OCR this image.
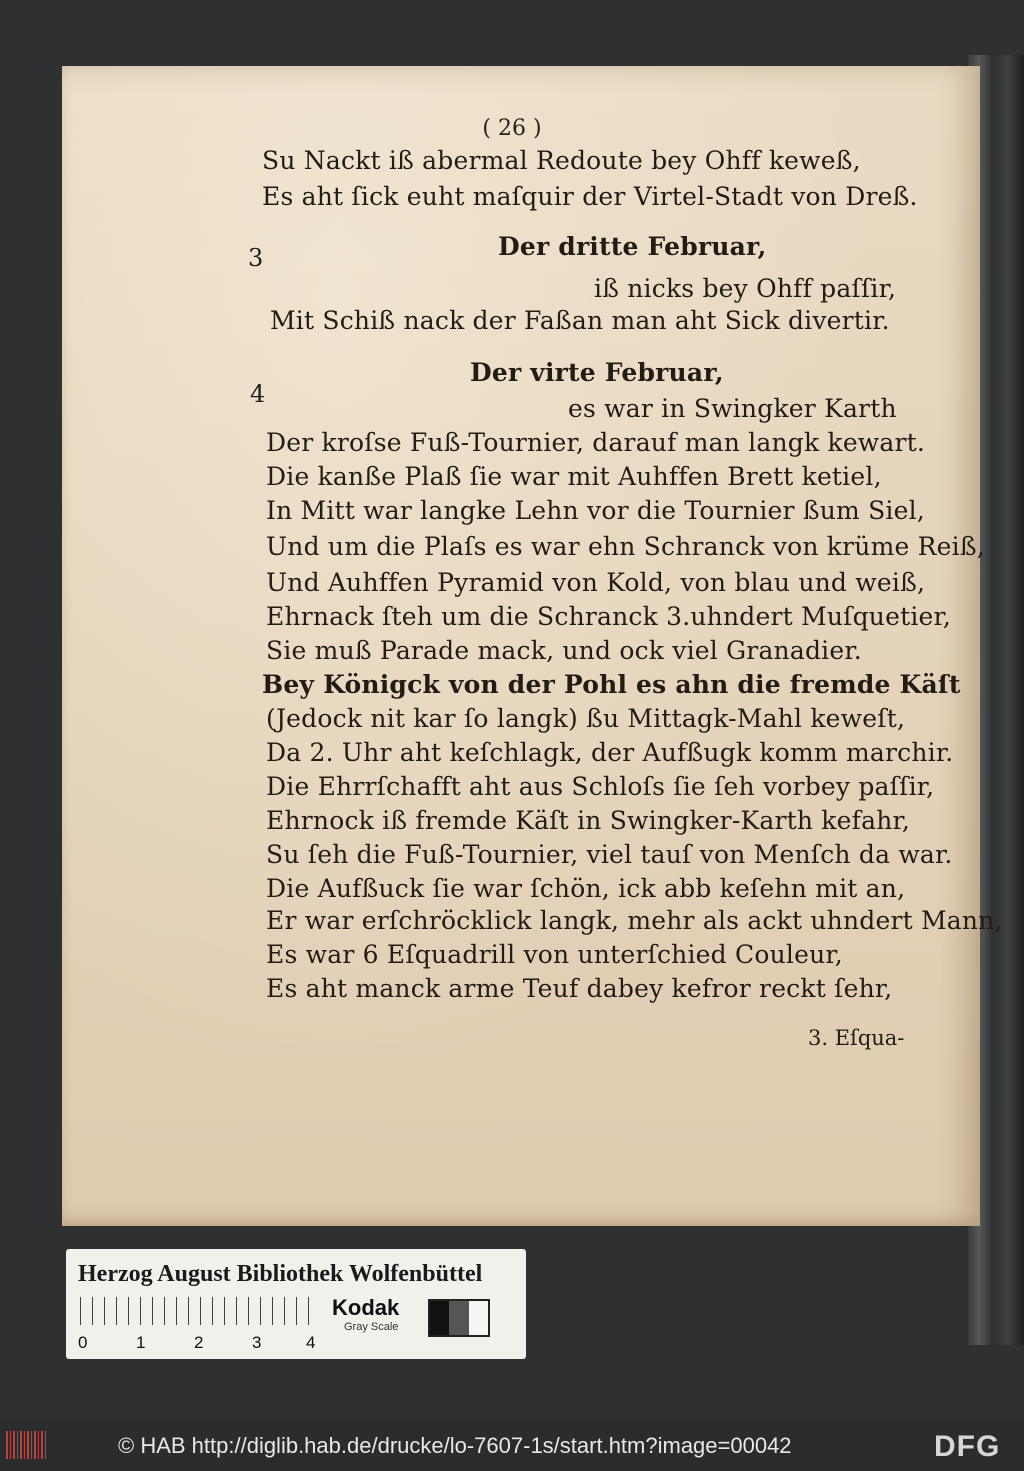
( 26 )
Su Nackt iß abermal Redoute bey Ohff keweß,
Es aht ſick euht maſquir der Virtel-Stadt von Dreß.
3	Der dritte Februar,
iß nicks bey Ohff paſſir,
Mit Schiß nack der Faßan man aht Sick divertir.
4
Der virte Februar,
es war in Swingker Karth
Der kroſse Fuß-Tournier, darauf man langk kewart.
Die kanße Plaß ſie war mit Auhffen Brett ketiel,
In Mitt war langke Lehn vor die Tournier ßum Siel,
Und um die Plaſs es war ehn Schranck von krüme Reiß,
Und Auhffen Pyramid von Kold, von blau und weiß,
Ehrnack ſteh um die Schranck 3.uhndert Muſquetier,
Sie muß Parade mack, und ock viel Granadier.
Bey Königck von der Pohl es ahn die fremde Käſt
(Jedock nit kar ſo langk) ßu Mittagk-Mahl keweſt,
Da 2. Uhr aht keſchlagk, der Aufßugk komm marchir.
Die Ehrrſchafft aht aus Schloſs ſie ſeh vorbey paſſir,
Ehrnock iß fremde Käſt in Swingker-Karth kefahr,
Su ſeh die Fuß-Tournier, viel tauſ von Menſch da war.
Die Aufßuck ſie war ſchön, ick abb keſehn mit an,
Er war erſchröcklick langk, mehr als ackt uhndert Mann,
Es war 6 Eſquadrill von unterſchied Couleur,
Es aht manck arme Teuf dabey kefror reckt ſehr,
3. Eſqua-
Herzog August Bibliothek Wolfenbüttel
0	1	2	3	4
Kodak
Gray Scale
© HAB http://diglib.hab.de/drucke/lo-7607-1s/start.htm?image=00042	DFG
